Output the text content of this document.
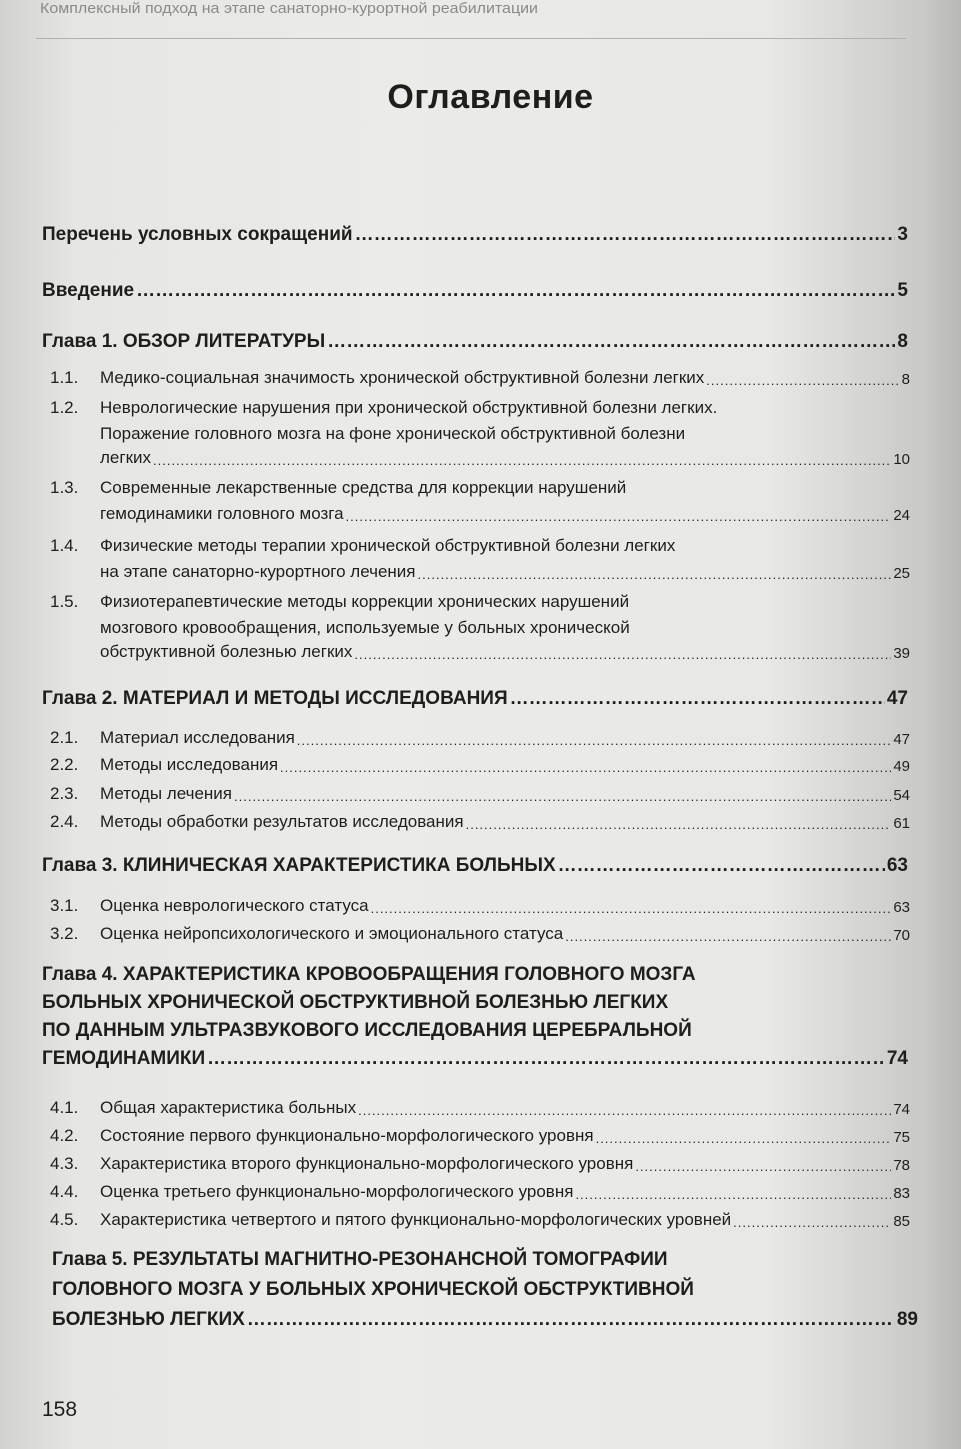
Комплексный подход на этапе санаторно-курортной реабилитации
Оглавление
Перечень условных сокращений ……………………………………………………………………………………………………………………………………………………………………………………………………………	3
Введение ……………………………………………………………………………………………………………………………………………………………………………………………………………	5
Глава 1. ОБЗОР ЛИТЕРАТУРЫ ……………………………………………………………………………………………………………………………………………………………………………………………………………	8
1.1. Медико-социальная значимость хронической обструктивной болезни легких .....	8
1.2. Неврологические нарушения при хронической обструктивной болезни легких.
Поражение головного мозга на фоне хронической обструктивной болезни
легких .....	10
1.3. Современные лекарственные средства для коррекции нарушений
гемодинамики головного мозга .....	24
1.4. Физические методы терапии хронической обструктивной болезни легких
на этапе санаторно-курортного лечения .....	25
1.5. Физиотерапевтические методы коррекции хронических нарушений
мозгового кровообращения, используемые у больных хронической
обструктивной болезнью легких .....	39
Глава 2. МАТЕРИАЛ И МЕТОДЫ ИССЛЕДОВАНИЯ ……………………………………………………………………………………………………………………………………………………………………………………………………………	47
2.1. Материал исследования .....	47
2.2. Методы исследования .....	49
2.3. Методы лечения .....	54
2.4. Методы обработки результатов исследования .....	61
Глава 3. КЛИНИЧЕСКАЯ ХАРАКТЕРИСТИКА БОЛЬНЫХ ……………………………………………………………………………………………………………………………………………………………………………………………………………	63
3.1. Оценка неврологического статуса .....	63
3.2. Оценка нейропсихологического и эмоционального статуса .....	70
Глава 4. ХАРАКТЕРИСТИКА КРОВООБРАЩЕНИЯ ГОЛОВНОГО МОЗГА
БОЛЬНЫХ ХРОНИЧЕСКОЙ ОБСТРУКТИВНОЙ БОЛЕЗНЬЮ ЛЕГКИХ
ПО ДАННЫМ УЛЬТРАЗВУКОВОГО ИССЛЕДОВАНИЯ ЦЕРЕБРАЛЬНОЙ
ГЕМОДИНАМИКИ ……………………………………………………………………………………………………………………………………………………………………………………………………………	74
4.1. Общая характеристика больных .....	74
4.2. Состояние первого функционально-морфологического уровня .....	75
4.3. Характеристика второго функционально-морфологического уровня .....	78
4.4. Оценка третьего функционально-морфологического уровня .....	83
4.5. Характеристика четвертого и пятого функционально-морфологических уровней .....	85
Глава 5. РЕЗУЛЬТАТЫ МАГНИТНО-РЕЗОНАНСНОЙ ТОМОГРАФИИ
ГОЛОВНОГО МОЗГА У БОЛЬНЫХ ХРОНИЧЕСКОЙ ОБСТРУКТИВНОЙ
БОЛЕЗНЬЮ ЛЕГКИХ ……………………………………………………………………………………………………………………………………………………………………………………………………………	89
158
